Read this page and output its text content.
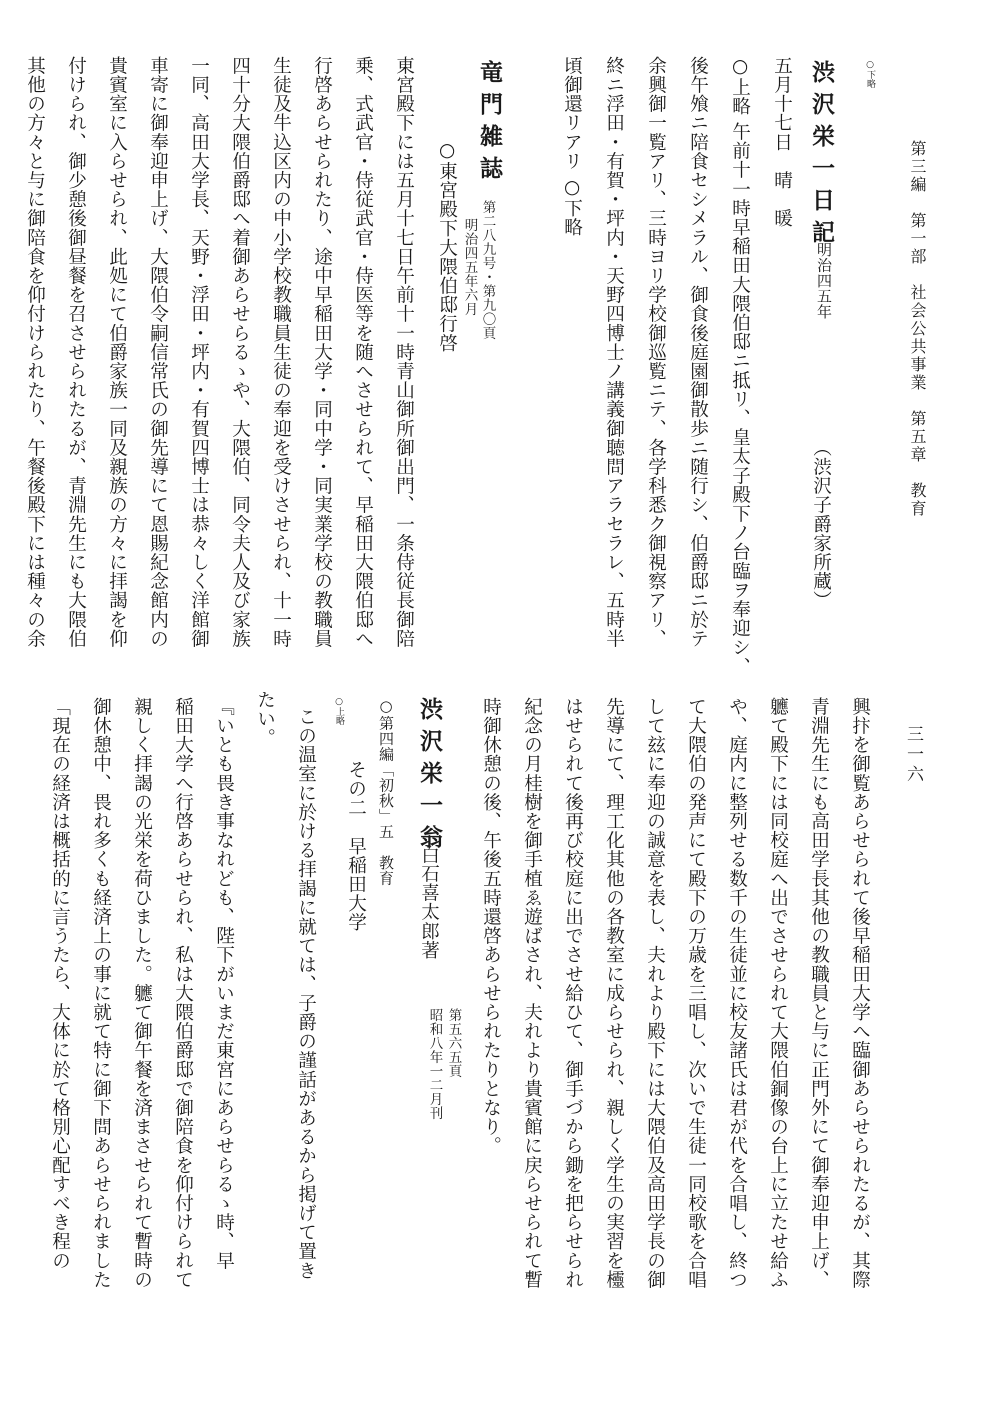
第三編　第一部　社会公共事業　第五章　教育
三一六
○下略
渋沢栄一日記
明治四五年
（渋沢子爵家所蔵）
五月十七日　晴　暖
○上略 午前十一時早稲田大隈伯邸ニ抵リ、皇太子殿下ノ台臨ヲ奉迎シ、
後午飧ニ陪食セシメラル、御食後庭園御散歩ニ随行シ、伯爵邸ニ於テ
余興御一覧アリ、三時ヨリ学校御巡覧ニテ、各学科悉ク御視察アリ、
終ニ浮田・有賀・坪内・天野四博士ノ講義御聴問アラセラレ、五時半
頃御還リアリ ○下略
竜門雑誌
第二八九号・第九〇頁
明治四五年六月
○東宮殿下大隈伯邸行啓
東宮殿下には五月十七日午前十一時青山御所御出門、一条侍従長御陪
乗、式武官・侍従武官・侍医等を随へさせられて、早稲田大隈伯邸へ
行啓あらせられたり、途中早稲田大学・同中学・同実業学校の教職員
生徒及牛込区内の中小学校教職員生徒の奉迎を受けさせられ、十一時
四十分大隈伯爵邸へ着御あらせらるゝや、大隈伯、同令夫人及び家族
一同、高田大学長、天野・浮田・坪内・有賀四博士は恭々しく洋館御
車寄に御奉迎申上げ、大隈伯令嗣信常氏の御先導にて恩賜紀念館内の
貴賓室に入らせられ、此処にて伯爵家族一同及親族の方々に拝謁を仰
付けられ、御少憩後御昼餐を召させられたるが、青淵先生にも大隈伯
其他の方々と与に御陪食を仰付けられたり、午餐後殿下には種々の余
興抃を御覧あらせられて後早稲田大学へ臨御あらせられたるが、其際
青淵先生にも高田学長其他の教職員と与に正門外にて御奉迎申上げ、
軈て殿下には同校庭へ出でさせられて大隈伯銅像の台上に立たせ給ふ
や、庭内に整列せる数千の生徒並に校友諸氏は君が代を合唱し、終つ
て大隈伯の発声にて殿下の万歳を三唱し、次いで生徒一同校歌を合唱
して玆に奉迎の誠意を表し、夫れより殿下には大隈伯及高田学長の御
先導にて、理工化其他の各教室に成らせられ、親しく学生の実習を欞
はせられて後再び校庭に出でさせ給ひて、御手づから鋤を把らせられ
紀念の月桂樹を御手植ゑ遊ばされ、夫れより貴賓館に戻らせられて暫
時御休憩の後、午後五時還啓あらせられたりとなり。
渋沢栄一翁
白石喜太郎著
第五六五頁
昭和八年一二月刊
○第四編「初秋」五　教育
その二　早稲田大学
○上略
この温室に於ける拝謁に就ては、子爵の謹話があるから掲げて置き
たい。
『いとも畏き事なれども、陛下がいまだ東宮にあらせらるゝ時、早
稲田大学へ行啓あらせられ、私は大隈伯爵邸で御陪食を仰付けられて
親しく拝謁の光栄を荷ひました。軈て御午餐を済まさせられて暫時の
御休憩中、畏れ多くも経済上の事に就て特に御下問あらせられました
「現在の経済は概括的に言うたら、大体に於て格別心配すべき程の
